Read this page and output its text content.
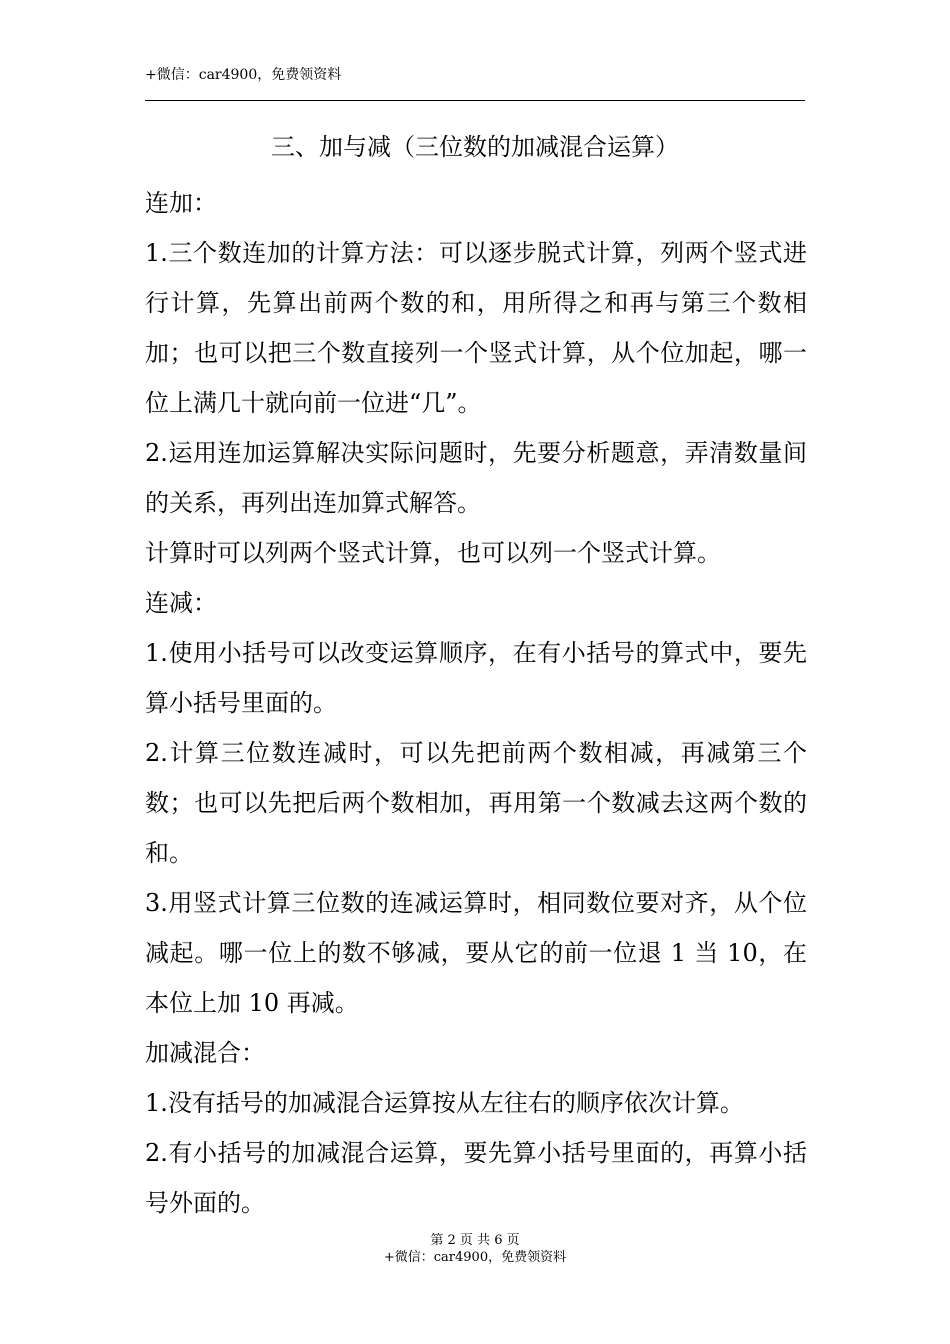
+微信：car4900，免费领资料
三、加与减（三位数的加减混合运算）

连加：

1.三个数连加的计算方法：可以逐步脱式计算，列两个竖式进行计算，先算出前两个数的和，用所得之和再与第三个数相加；也可以把三个数直接列一个竖式计算，从个位加起，哪一位上满几十就向前一位进“几”。

2.运用连加运算解决实际问题时，先要分析题意，弄清数量间的关系，再列出连加算式解答。

计算时可以列两个竖式计算，也可以列一个竖式计算。

连减：

1.使用小括号可以改变运算顺序，在有小括号的算式中，要先算小括号里面的。

2.计算三位数连减时，可以先把前两个数相减，再减第三个数；也可以先把后两个数相加，再用第一个数减去这两个数的和。

3.用竖式计算三位数的连减运算时，相同数位要对齐，从个位减起。哪一位上的数不够减，要从它的前一位退 1 当 10，在本位上加 10 再减。

加减混合：

1.没有括号的加减混合运算按从左往右的顺序依次计算。

2.有小括号的加减混合运算，要先算小括号里面的，再算小括号外面的。

第 2 页 共 6 页
+微信：car4900，免费领资料
